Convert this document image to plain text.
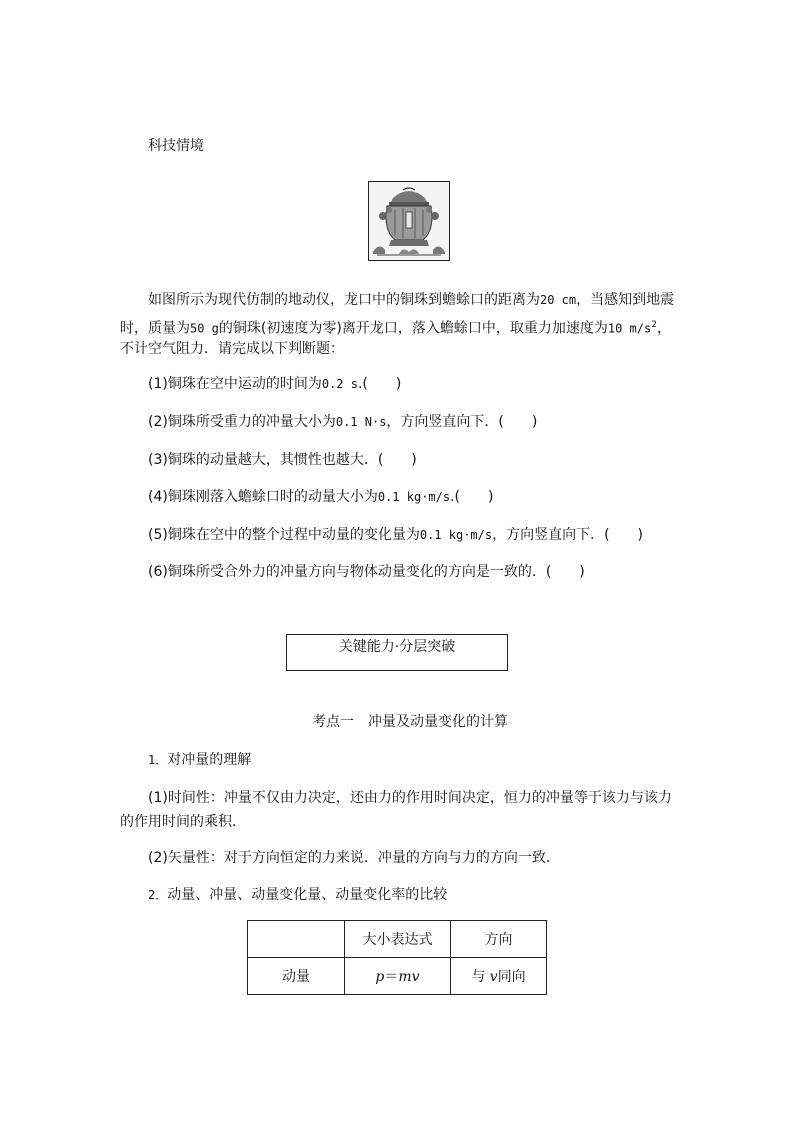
科技情境
如图所示为现代仿制的地动仪，龙口中的铜珠到蟾蜍口的距离为20 cm，当感知到地震
时，质量为50 g的铜珠(初速度为零)离开龙口，落入蟾蜍口中，取重力加速度为10 $m/s^2$，
不计空气阻力．请完成以下判断题：
(1)铜珠在空中运动的时间为0.2 s.(　　)
(2)铜珠所受重力的冲量大小为0.1 N·s，方向竖直向下．(　　)
(3)铜珠的动量越大，其惯性也越大．(　　)
(4)铜珠刚落入蟾蜍口时的动量大小为0.1 kg·m/s.(　　)
(5)铜珠在空中的整个过程中动量的变化量为0.1 kg·m/s，方向竖直向下．(　　)
(6)铜珠所受合外力的冲量方向与物体动量变化的方向是一致的．(　　)
关键能力·分层突破
考点一　冲量及动量变化的计算
1．对冲量的理解
(1)时间性：冲量不仅由力决定，还由力的作用时间决定，恒力的冲量等于该力与该力
的作用时间的乘积．
(2)矢量性：对于方向恒定的力来说．冲量的方向与力的方向一致．
2．动量、冲量、动量变化量、动量变化率的比较
	大小表达式	方向
动量	p＝mv	与 v同向
